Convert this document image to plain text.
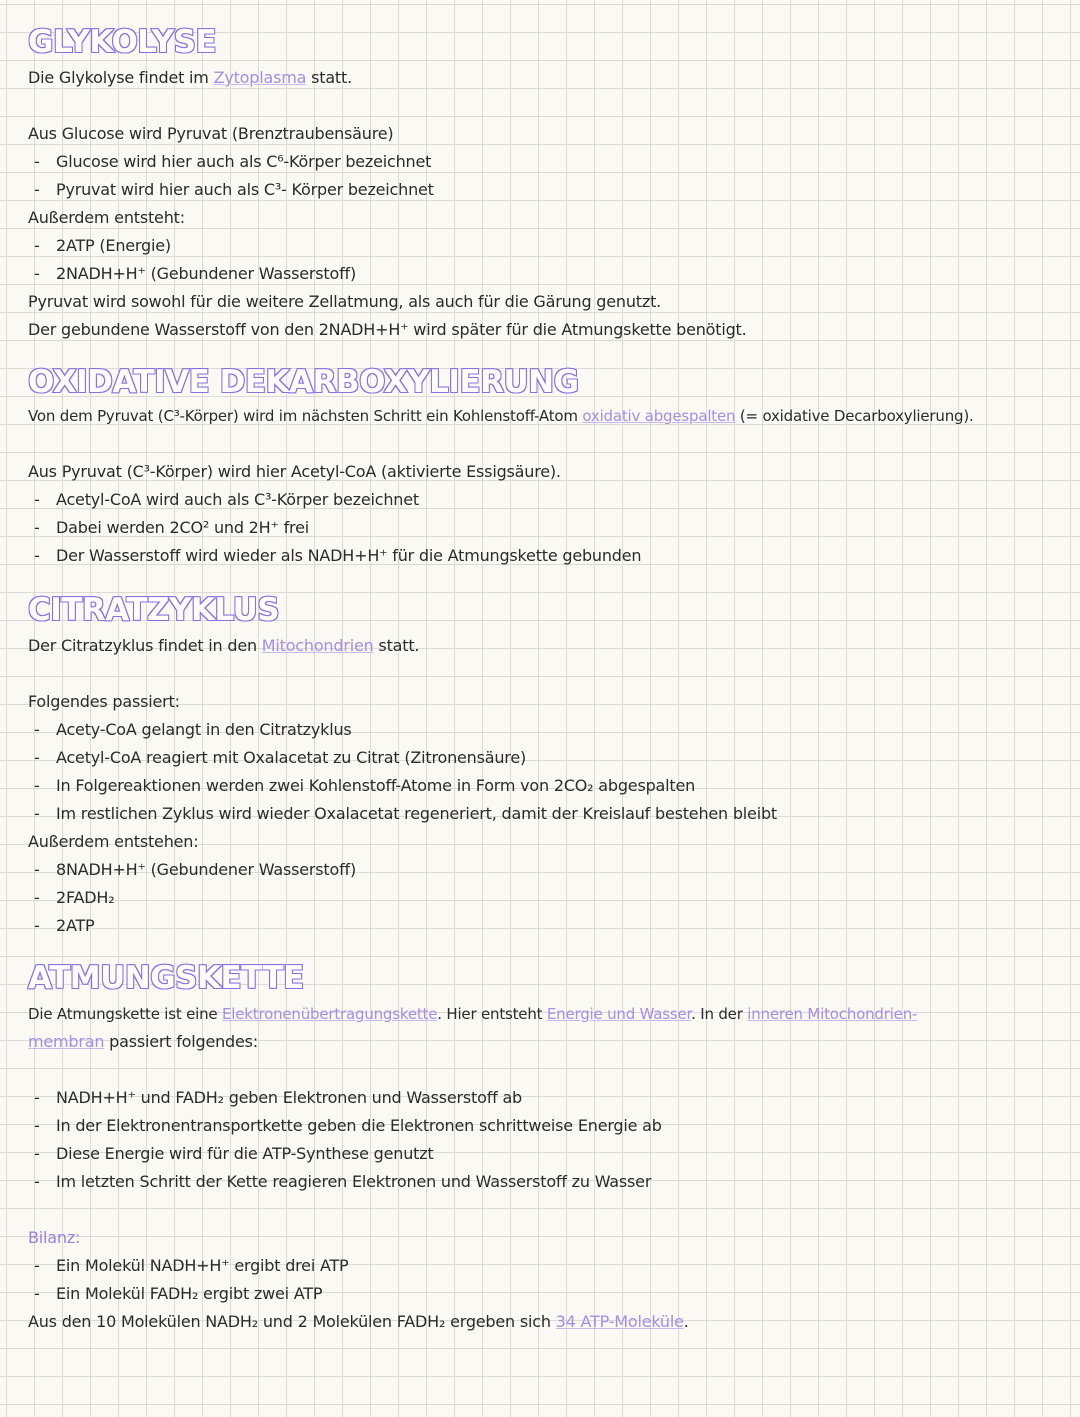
GLYKOLYSE
Die Glykolyse findet im Zytoplasma statt.
Aus Glucose wird Pyruvat (Brenztraubensäure)
- Glucose wird hier auch als C⁶-Körper bezeichnet
- Pyruvat wird hier auch als C³- Körper bezeichnet
Außerdem entsteht:
- 2ATP (Energie)
- 2NADH+H⁺ (Gebundener Wasserstoff)
Pyruvat wird sowohl für die weitere Zellatmung, als auch für die Gärung genutzt.
Der gebundene Wasserstoff von den 2NADH+H⁺ wird später für die Atmungskette benötigt.
OXIDATIVE DEKARBOXYLIERUNG
Von dem Pyruvat (C³-Körper) wird im nächsten Schritt ein Kohlenstoff-Atom oxidativ abgespalten (= oxidative Decarboxylierung).
Aus Pyruvat (C³-Körper) wird hier Acetyl-CoA (aktivierte Essigsäure).
- Acetyl-CoA wird auch als C³-Körper bezeichnet
- Dabei werden 2CO² und 2H⁺ frei
- Der Wasserstoff wird wieder als NADH+H⁺ für die Atmungskette gebunden
CITRATZYKLUS
Der Citratzyklus findet in den Mitochondrien statt.
Folgendes passiert:
- Acety-CoA gelangt in den Citratzyklus
- Acetyl-CoA reagiert mit Oxalacetat zu Citrat (Zitronensäure)
- In Folgereaktionen werden zwei Kohlenstoff-Atome in Form von 2CO₂ abgespalten
- Im restlichen Zyklus wird wieder Oxalacetat regeneriert, damit der Kreislauf bestehen bleibt
Außerdem entstehen:
- 8NADH+H⁺ (Gebundener Wasserstoff)
- 2FADH₂
- 2ATP
ATMUNGSKETTE
Die Atmungskette ist eine Elektronenübertragungskette. Hier entsteht Energie und Wasser. In der inneren Mitochondrien-
membran passiert folgendes:
- NADH+H⁺ und FADH₂ geben Elektronen und Wasserstoff ab
- In der Elektronentransportkette geben die Elektronen schrittweise Energie ab
- Diese Energie wird für die ATP-Synthese genutzt
- Im letzten Schritt der Kette reagieren Elektronen und Wasserstoff zu Wasser
Bilanz:
- Ein Molekül NADH+H⁺ ergibt drei ATP
- Ein Molekül FADH₂ ergibt zwei ATP
Aus den 10 Molekülen NADH₂ und 2 Molekülen FADH₂ ergeben sich 34 ATP-Moleküle.
